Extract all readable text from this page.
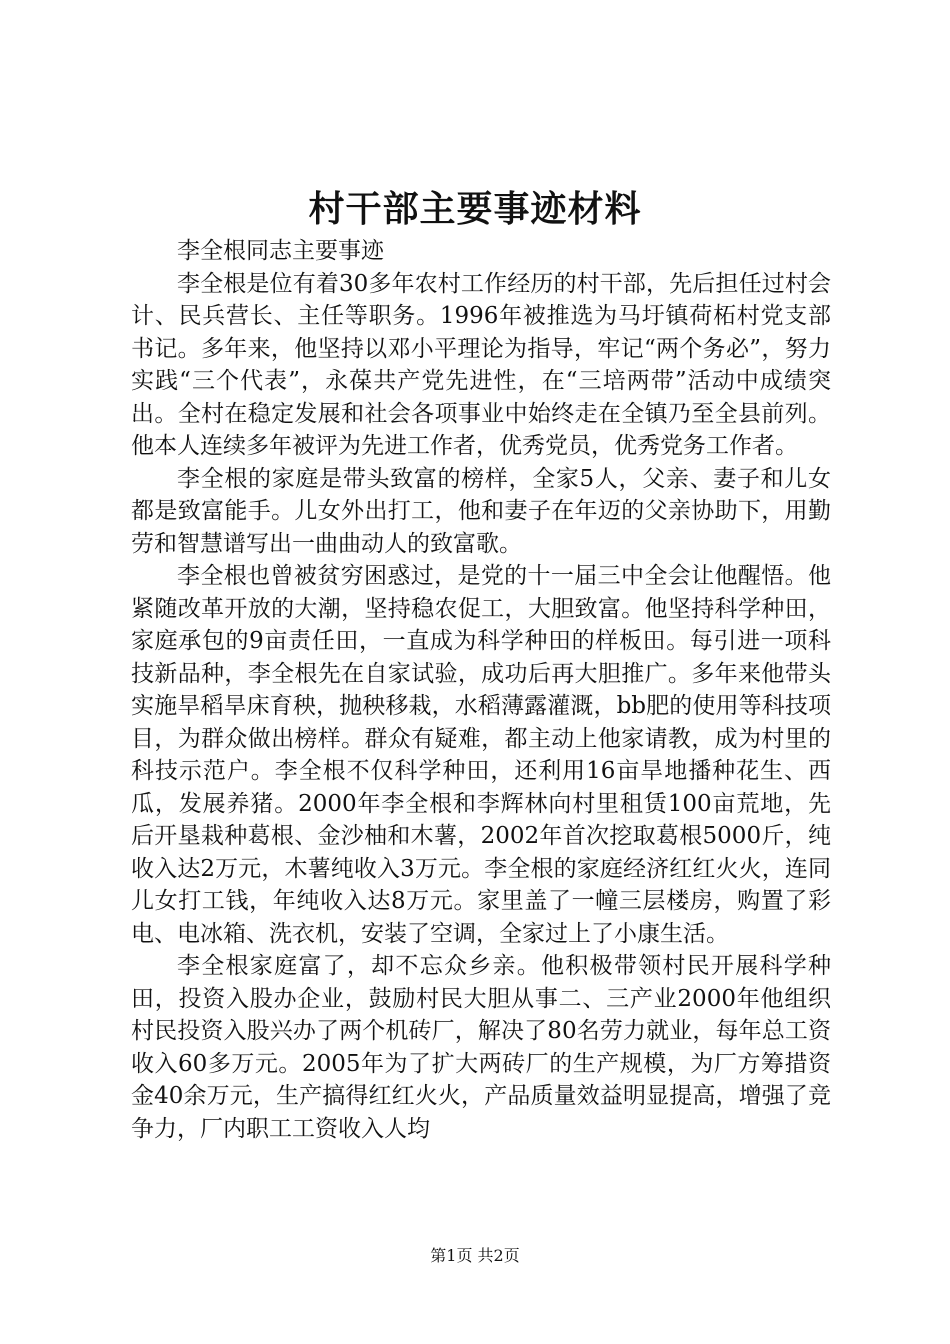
村干部主要事迹材料

李全根同志主要事迹

李全根是位有着30多年农村工作经历的村干部，先后担任过村会计、民兵营长、主任等职务。1996年被推选为马圩镇荷柘村党支部书记。多年来，他坚持以邓小平理论为指导，牢记“两个务必”，努力实践“三个代表”，永葆共产党先进性，在“三培两带”活动中成绩突出。全村在稳定发展和社会各项事业中始终走在全镇乃至全县前列。他本人连续多年被评为先进工作者，优秀党员，优秀党务工作者。

李全根的家庭是带头致富的榜样，全家5人，父亲、妻子和儿女都是致富能手。儿女外出打工，他和妻子在年迈的父亲协助下，用勤劳和智慧谱写出一曲曲动人的致富歌。

李全根也曾被贫穷困惑过，是党的十一届三中全会让他醒悟。他紧随改革开放的大潮，坚持稳农促工，大胆致富。他坚持科学种田，家庭承包的9亩责任田，一直成为科学种田的样板田。每引进一项科技新品种，李全根先在自家试验，成功后再大胆推广。多年来他带头实施旱稻旱床育秧，抛秧移栽，水稻薄露灌溉，bb肥的使用等科技项目，为群众做出榜样。群众有疑难，都主动上他家请教，成为村里的科技示范户。李全根不仅科学种田，还利用16亩旱地播种花生、西瓜，发展养猪。2000年李全根和李辉林向村里租赁100亩荒地，先后开垦栽种葛根、金沙柚和木薯，2002年首次挖取葛根5000斤，纯收入达2万元，木薯纯收入3万元。李全根的家庭经济红红火火，连同儿女打工钱，年纯收入达8万元。家里盖了一幢三层楼房，购置了彩电、电冰箱、洗衣机，安装了空调，全家过上了小康生活。

李全根家庭富了，却不忘众乡亲。他积极带领村民开展科学种田，投资入股办企业，鼓励村民大胆从事二、三产业2000年他组织村民投资入股兴办了两个机砖厂，解决了80名劳力就业，每年总工资收入60多万元。2005年为了扩大两砖厂的生产规模，为厂方筹措资金40余万元，生产搞得红红火火，产品质量效益明显提高，增强了竞争力，厂内职工工资收入人均

第1页 共2页
